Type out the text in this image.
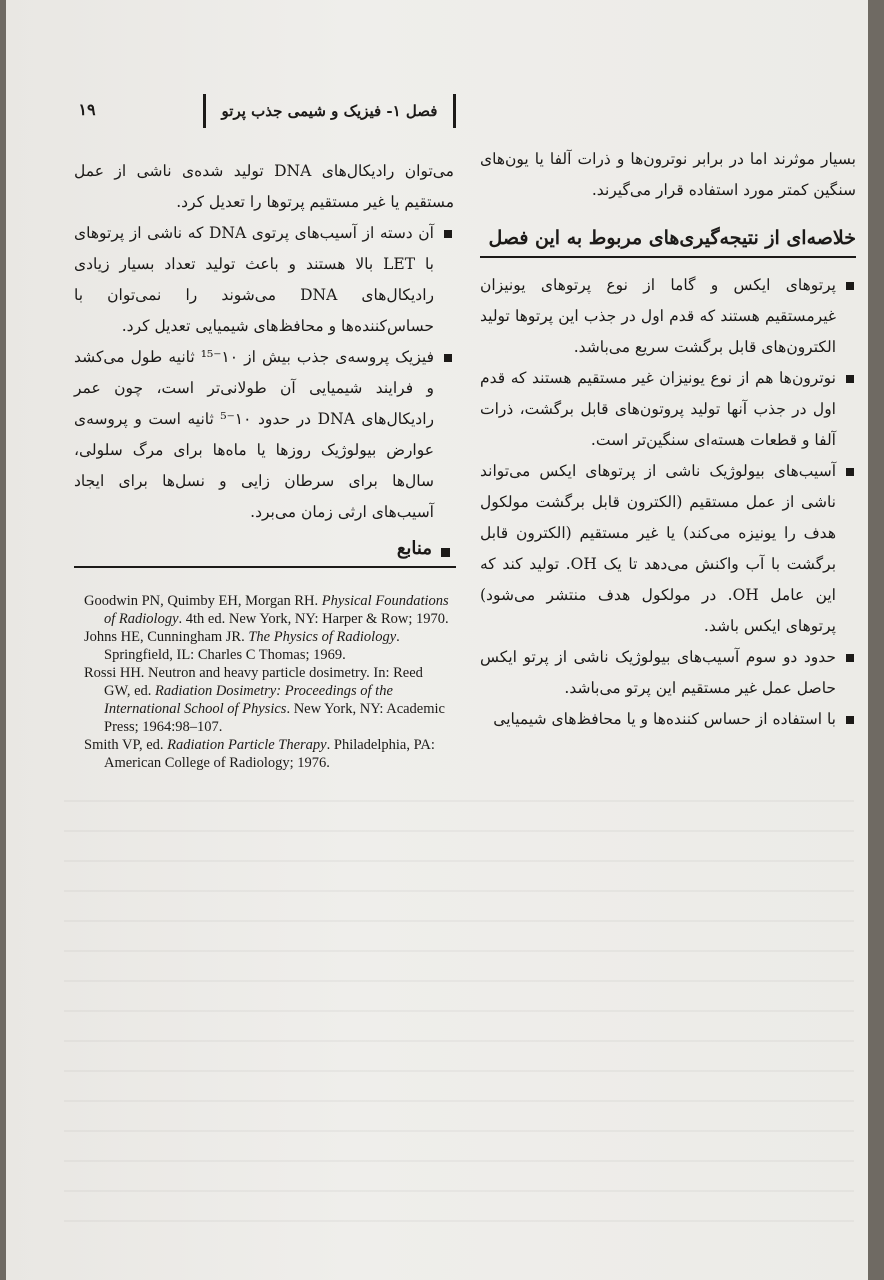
۱۹	فصل ۱- فیزیک و شیمی جذب پرتو

می‌توان رادیکال‌های DNA تولید شده‌ی ناشی از عمل مستقیم یا غیر مستقیم پرتوها را تعدیل کرد.

آن دسته از آسیب‌های پرتوی DNA که ناشی از پرتوهای با LET بالا هستند و باعث تولید تعداد بسیار زیادی رادیکال‌های DNA می‌شوند را نمی‌توان با حساس‌کننده‌ها و محافظ‌های شیمیایی تعدیل کرد.
فیزیک پروسه‌ی جذب بیش از ۱۰⁻¹⁵ ثانیه طول می‌کشد و فرایند شیمیایی آن طولانی‌تر است، چون عمر رادیکال‌های DNA در حدود ۱۰⁻⁵ ثانیه است و پروسه‌ی عوارض بیولوژیک روزها یا ماه‌ها برای مرگ سلولی، سال‌ها برای سرطان زایی و نسل‌ها برای ایجاد آسیب‌های ارثی زمان می‌برد.
منابع
Goodwin PN, Quimby EH, Morgan RH. Physical Foundations of Radiology. 4th ed. New York, NY: Harper & Row; 1970.
Johns HE, Cunningham JR. The Physics of Radiology. Springfield, IL: Charles C Thomas; 1969.
Rossi HH. Neutron and heavy particle dosimetry. In: Reed GW, ed. Radiation Dosimetry: Proceedings of the International School of Physics. New York, NY: Academic Press; 1964:98–107.
Smith VP, ed. Radiation Particle Therapy. Philadelphia, PA: American College of Radiology; 1976.

بسیار موثرند اما در برابر نوترون‌ها و ذرات آلفا یا یون‌های سنگین کمتر مورد استفاده قرار می‌گیرند.

خلاصه‌ای از نتیجه‌گیری‌های مربوط به این فصل
پرتوهای ایکس و گاما از نوع پرتوهای یونیزان غیرمستقیم هستند که قدم اول در جذب این پرتوها تولید الکترون‌های قابل برگشت سریع می‌باشد.
نوترون‌ها هم از نوع یونیزان غیر مستقیم هستند که قدم اول در جذب آنها تولید پروتون‌های قابل برگشت، ذرات آلفا و قطعات هسته‌ای سنگین‌تر است.
آسیب‌های بیولوژیک ناشی از پرتوهای ایکس می‌تواند ناشی از عمل مستقیم (الکترون قابل برگشت مولکول هدف را یونیزه می‌کند) یا غیر مستقیم (الکترون قابل برگشت با آب واکنش می‌دهد تا یک OH. تولید کند که این عامل OH. در مولکول هدف منتشر می‌شود) پرتوهای ایکس باشد.
حدود دو سوم آسیب‌های بیولوژیک ناشی از پرتو ایکس حاصل عمل غیر مستقیم این پرتو می‌باشد.
با استفاده از حساس کننده‌ها و یا محافظ‌های شیمیایی
